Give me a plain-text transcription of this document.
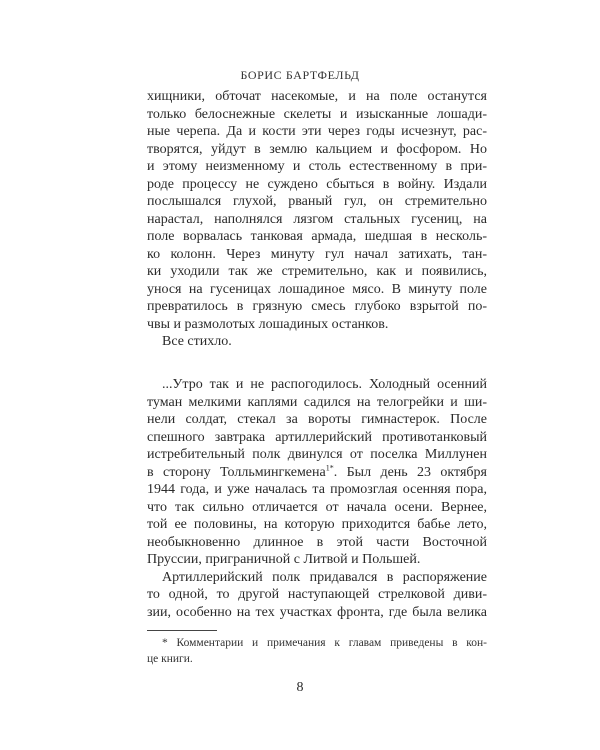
БОРИС БАРТФЕЛЬД
хищники, обточат насекомые, и на поле останутся
только белоснежные скелеты и изысканные лошади-
ные черепа. Да и кости эти через годы исчезнут, рас-
творятся, уйдут в землю кальцием и фосфором. Но
и этому неизменному и столь естественному в при-
роде процессу не суждено сбыться в войну. Издали
послышался глухой, рваный гул, он стремительно
нарастал, наполнялся лязгом стальных гусениц, на
поле ворвалась танковая армада, шедшая в несколь-
ко колонн. Через минуту гул начал затихать, тан-
ки уходили так же стремительно, как и появились,
унося на гусеницах лошадиное мясо. В минуту поле
превратилось в грязную смесь глубоко взрытой по-
чвы и размолотых лошадиных останков.
Все стихло.
...Утро так и не распогодилось. Холодный осенний
туман мелкими каплями садился на телогрейки и ши-
нели солдат, стекал за вороты гимнастерок. После
спешного завтрака артиллерийский противотанковый
истребительный полк двинулся от поселка Миллунен
в сторону Толльмингкемена$^{1*}$. Был день 23 октября
1944 года, и уже началась та промозглая осенняя пора,
что так сильно отличается от начала осени. Вернее,
той ее половины, на которую приходится бабье лето,
необыкновенно длинное в этой части Восточной
Пруссии, приграничной с Литвой и Польшей.
Артиллерийский полк придавался в распоряжение
то одной, то другой наступающей стрелковой диви-
зии, особенно на тех участках фронта, где была велика
* Комментарии и примечания к главам приведены в кон-
це книги.
8
